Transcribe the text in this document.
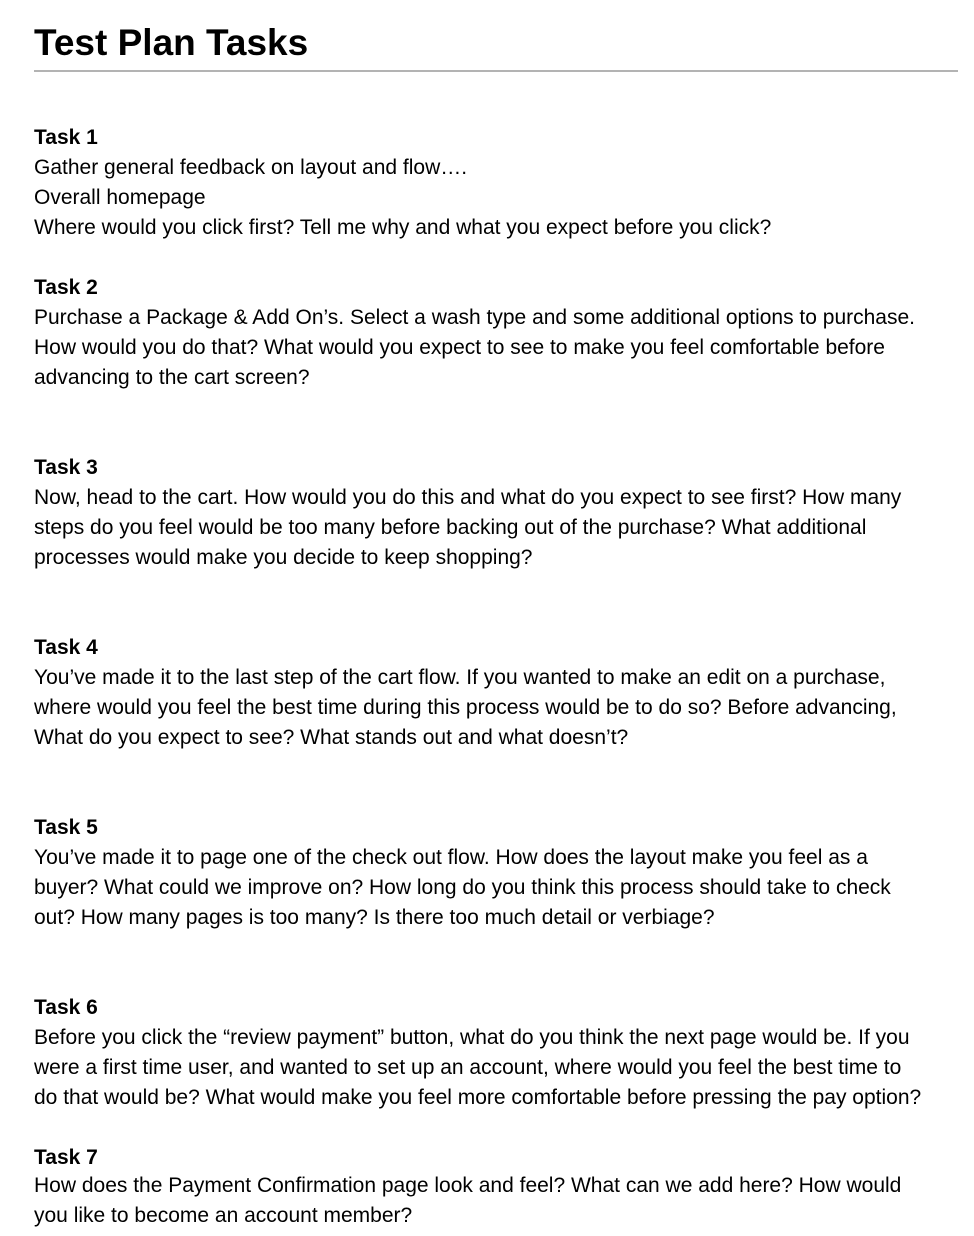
Test Plan Tasks
Task 1

Gather general feedback on layout and flow….

Overall homepage

Where would you click first? Tell me why and what you expect before you click?

Task 2

Purchase a Package & Add On’s. Select a wash type and some additional options to purchase.

How would you do that? What would you expect to see to make you feel comfortable before

advancing to the cart screen?

Task 3

Now, head to the cart. How would you do this and what do you expect to see first? How many

steps do you feel would be too many before backing out of the purchase? What additional

processes would make you decide to keep shopping?

Task 4

You’ve made it to the last step of the cart flow. If you wanted to make an edit on a purchase,

where would you feel the best time during this process would be to do so? Before advancing,

What do you expect to see? What stands out and what doesn’t?

Task 5

You’ve made it to page one of the check out flow. How does the layout make you feel as a

buyer? What could we improve on? How long do you think this process should take to check

out? How many pages is too many? Is there too much detail or verbiage?

Task 6

Before you click the “review payment” button, what do you think the next page would be. If you

were a first time user, and wanted to set up an account, where would you feel the best time to

do that would be? What would make you feel more comfortable before pressing the pay option?

Task 7

How does the Payment Confirmation page look and feel? What can we add here? How would

you like to become an account member?
